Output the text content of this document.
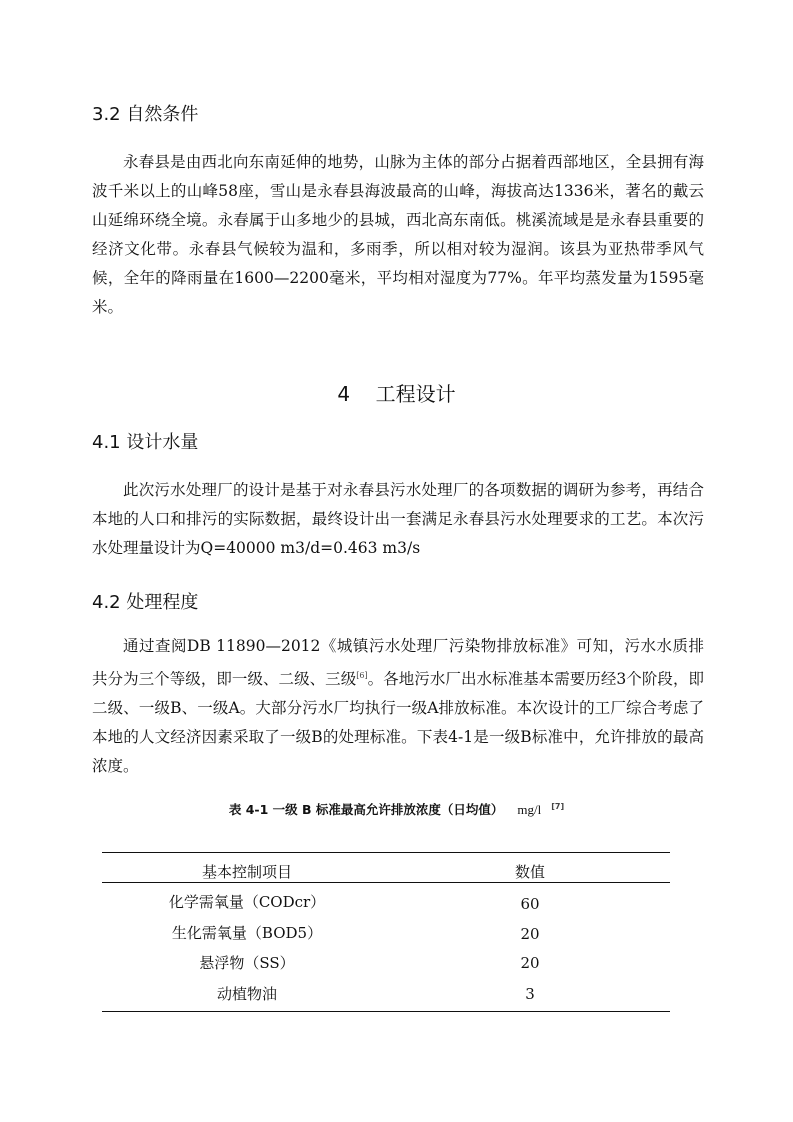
3.2 自然条件
永春县是由西北向东南延伸的地势，山脉为主体的部分占据着西部地区，全县拥有海波千米以上的山峰58座，雪山是永春县海波最高的山峰，海拔高达1336米，著名的戴云山延绵环绕全境。永春属于山多地少的县城，西北高东南低。桃溪流域是是永春县重要的经济文化带。永春县气候较为温和，多雨季，所以相对较为湿润。该县为亚热带季风气候，全年的降雨量在1600—2200毫米，平均相对湿度为77%。年平均蒸发量为1595毫米。
4    工程设计
4.1 设计水量
此次污水处理厂的设计是基于对永春县污水处理厂的各项数据的调研为参考，再结合本地的人口和排污的实际数据，最终设计出一套满足永春县污水处理要求的工艺。本次污水处理量设计为Q=40000 m3/d=0.463 m3/s
4.2 处理程度
通过查阅DB 11890—2012《城镇污水处理厂污染物排放标准》可知，污水水质排共分为三个等级，即一级、二级、三级[6]。各地污水厂出水标准基本需要历经3个阶段，即二级、一级B、一级A。大部分污水厂均执行一级A排放标准。本次设计的工厂综合考虑了本地的人文经济因素采取了一级B的处理标准。下表4-1是一级B标准中，允许排放的最高浓度。
表 4-1 一级 B 标准最高允许排放浓度（日均值） mg/l [7]
基本控制项目	数值
化学需氧量（CODcr）	60
生化需氧量（BOD5）	20
悬浮物（SS）	20
动植物油	3
